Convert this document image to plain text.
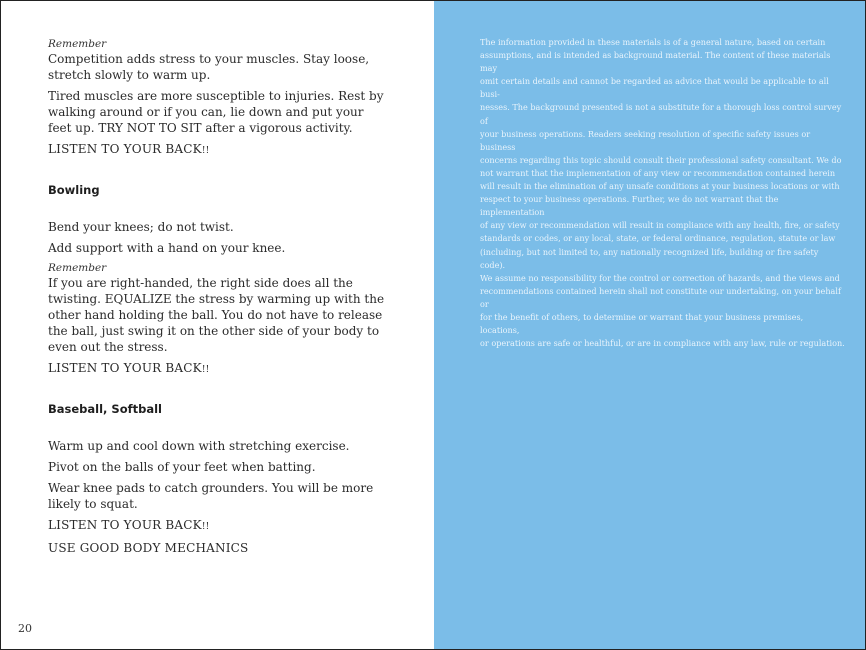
Remember

Competition adds stress to your muscles. Stay loose, stretch slowly to warm up.

Tired muscles are more susceptible to injuries. Rest by walking around or if you can, lie down and put your feet up. TRY NOT TO SIT after a vigorous activity.

LISTEN TO YOUR BACK!!

Bowling

Bend your knees; do not twist.

Add support with a hand on your knee.

Remember

If you are right-handed, the right side does all the twisting. EQUALIZE the stress by warming up with the other hand holding the ball. You do not have to release the ball, just swing it on the other side of your body to even out the stress.

LISTEN TO YOUR BACK!!

Baseball, Softball

Warm up and cool down with stretching exercise.

Pivot on the balls of your feet when batting.

Wear knee pads to catch grounders. You will be more likely to squat.

LISTEN TO YOUR BACK!!

USE GOOD BODY MECHANICS

20

The information provided in these materials is of a general nature, based on certain
assumptions, and is intended as background material. The content of these materials may
omit certain details and cannot be regarded as advice that would be applicable to all busi-
nesses. The background presented is not a substitute for a thorough loss control survey of
your business operations. Readers seeking resolution of specific safety issues or business
concerns regarding this topic should consult their professional safety consultant. We do
not warrant that the implementation of any view or recommendation contained herein
will result in the elimination of any unsafe conditions at your business locations or with
respect to your business operations. Further, we do not warrant that the implementation
of any view or recommendation will result in compliance with any health, fire, or safety
standards or codes, or any local, state, or federal ordinance, regulation, statute or law
(including, but not limited to, any nationally recognized life, building or fire safety code).
We assume no responsibility for the control or correction of hazards, and the views and
recommendations contained herein shall not constitute our undertaking, on your behalf or
for the benefit of others, to determine or warrant that your business premises, locations,
or operations are safe or healthful, or are in compliance with any law, rule or regulation.
